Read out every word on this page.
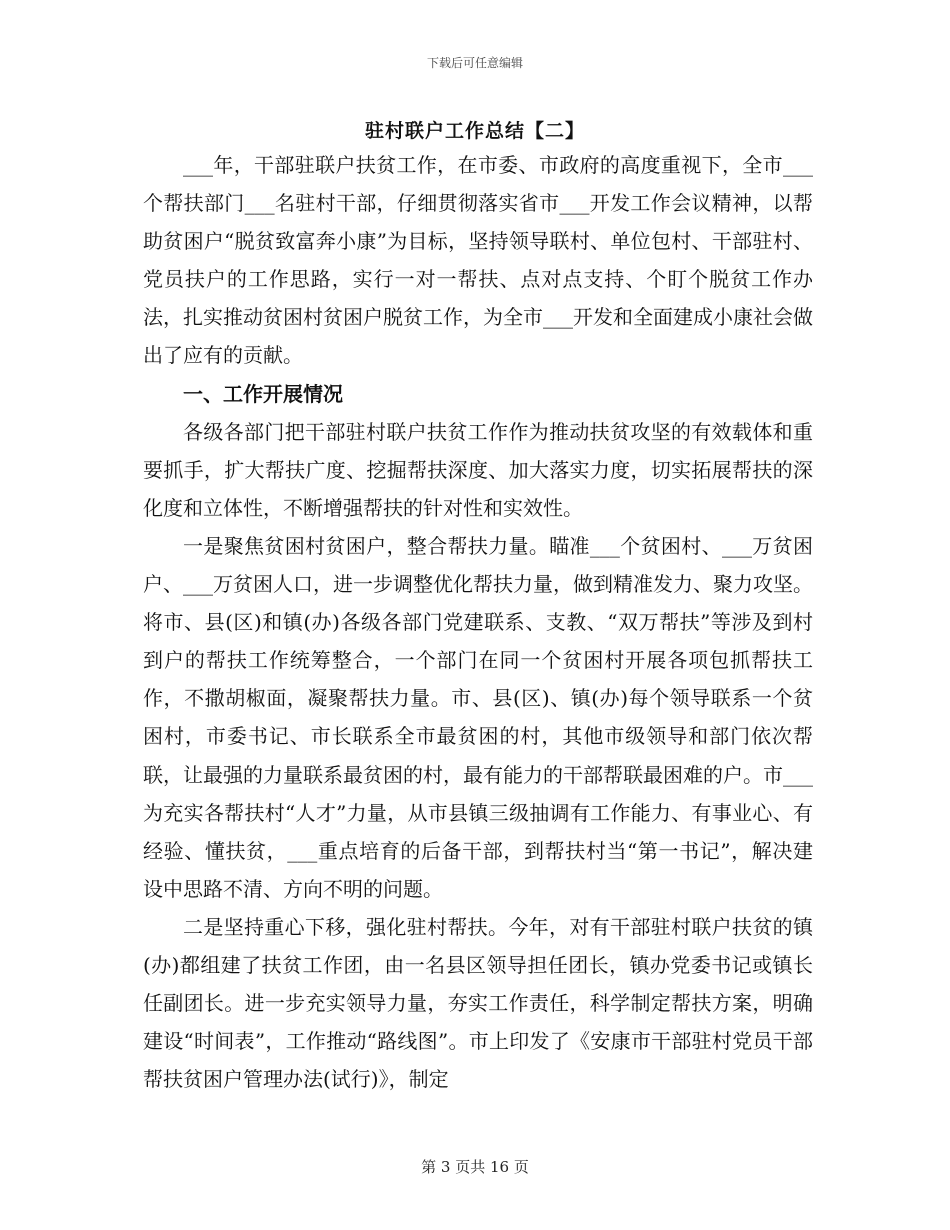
下载后可任意编辑
驻村联户工作总结【二】

___年，干部驻联户扶贫工作，在市委、市政府的高度重视下，全市___个帮扶部门___名驻村干部，仔细贯彻落实省市___开发工作会议精神，以帮助贫困户“脱贫致富奔小康”为目标，坚持领导联村、单位包村、干部驻村、党员扶户的工作思路，实行一对一帮扶、点对点支持、个盯个脱贫工作办法，扎实推动贫困村贫困户脱贫工作，为全市___开发和全面建成小康社会做出了应有的贡献。

一、工作开展情况

各级各部门把干部驻村联户扶贫工作作为推动扶贫攻坚的有效载体和重要抓手，扩大帮扶广度、挖掘帮扶深度、加大落实力度，切实拓展帮扶的深化度和立体性，不断增强帮扶的针对性和实效性。

一是聚焦贫困村贫困户，整合帮扶力量。瞄准___个贫困村、___万贫困户、___万贫困人口，进一步调整优化帮扶力量，做到精准发力、聚力攻坚。将市、县(区)和镇(办)各级各部门党建联系、支教、“双万帮扶”等涉及到村到户的帮扶工作统筹整合，一个部门在同一个贫困村开展各项包抓帮扶工作，不撒胡椒面，凝聚帮扶力量。市、县(区)、镇(办)每个领导联系一个贫困村，市委书记、市长联系全市最贫困的村，其他市级领导和部门依次帮联，让最强的力量联系最贫困的村，最有能力的干部帮联最困难的户。市___为充实各帮扶村“人才”力量，从市县镇三级抽调有工作能力、有事业心、有经验、懂扶贫，___重点培育的后备干部，到帮扶村当“第一书记”，解决建设中思路不清、方向不明的问题。

二是坚持重心下移，强化驻村帮扶。今年，对有干部驻村联户扶贫的镇(办)都组建了扶贫工作团，由一名县区领导担任团长，镇办党委书记或镇长任副团长。进一步充实领导力量，夯实工作责任，科学制定帮扶方案，明确建设“时间表”，工作推动“路线图”。市上印发了《安康市干部驻村党员干部帮扶贫困户管理办法(试行)》，制定

第 3 页共 16 页
